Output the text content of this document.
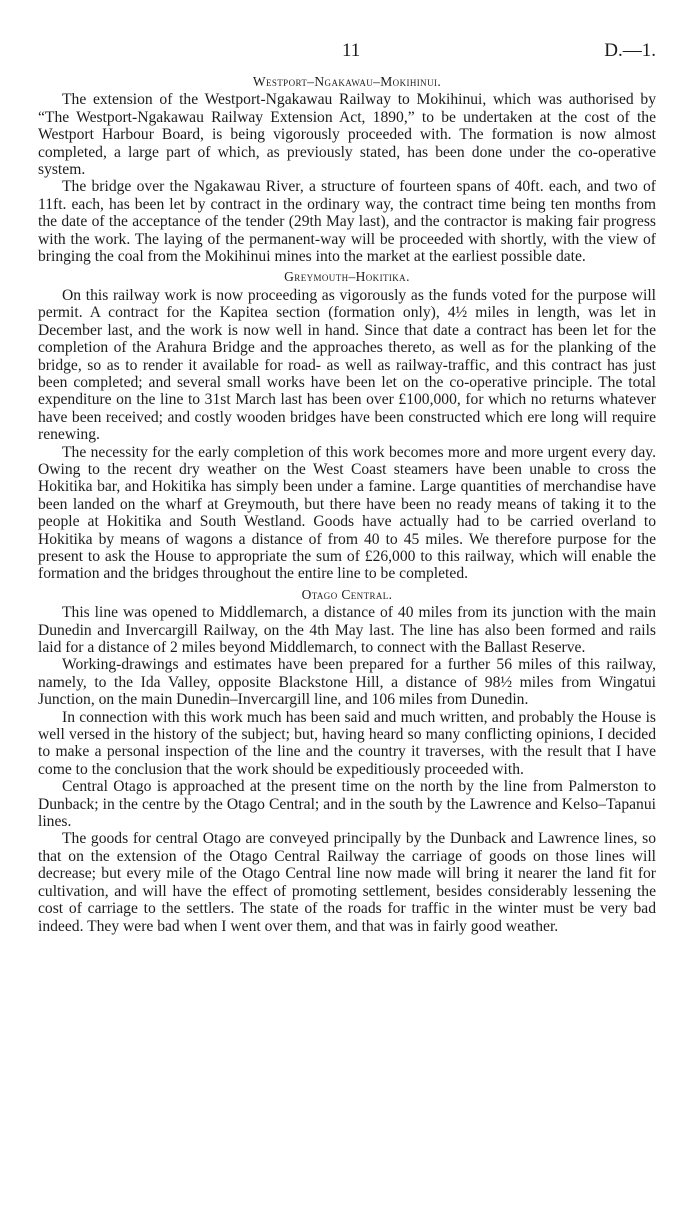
11	D.—1.
Westport–Ngakawau–Mokihinui.

The extension of the Westport-Ngakawau Railway to Mokihinui, which was authorised by “The Westport-Ngakawau Railway Extension Act, 1890,” to be undertaken at the cost of the Westport Harbour Board, is being vigorously proceeded with. The formation is now almost completed, a large part of which, as previously stated, has been done under the co-operative system.

The bridge over the Ngakawau River, a structure of fourteen spans of 40ft. each, and two of 11ft. each, has been let by contract in the ordinary way, the contract time being ten months from the date of the acceptance of the tender (29th May last), and the contractor is making fair progress with the work. The laying of the permanent-way will be proceeded with shortly, with the view of bringing the coal from the Mokihinui mines into the market at the earliest possible date.

Greymouth–Hokitika.

On this railway work is now proceeding as vigorously as the funds voted for the purpose will permit. A contract for the Kapitea section (formation only), 4½ miles in length, was let in December last, and the work is now well in hand. Since that date a contract has been let for the completion of the Arahura Bridge and the approaches thereto, as well as for the planking of the bridge, so as to render it available for road- as well as railway-traffic, and this contract has just been completed; and several small works have been let on the co-operative principle. The total expenditure on the line to 31st March last has been over £100,000, for which no returns whatever have been received; and costly wooden bridges have been constructed which ere long will require renewing.

The necessity for the early completion of this work becomes more and more urgent every day. Owing to the recent dry weather on the West Coast steamers have been unable to cross the Hokitika bar, and Hokitika has simply been under a famine. Large quantities of merchandise have been landed on the wharf at Greymouth, but there have been no ready means of taking it to the people at Hokitika and South Westland. Goods have actually had to be carried overland to Hokitika by means of wagons a distance of from 40 to 45 miles. We therefore purpose for the present to ask the House to appropriate the sum of £26,000 to this railway, which will enable the formation and the bridges throughout the entire line to be completed.

Otago Central.

This line was opened to Middlemarch, a distance of 40 miles from its junction with the main Dunedin and Invercargill Railway, on the 4th May last. The line has also been formed and rails laid for a distance of 2 miles beyond Middlemarch, to connect with the Ballast Reserve.

Working-drawings and estimates have been prepared for a further 56 miles of this railway, namely, to the Ida Valley, opposite Blackstone Hill, a distance of 98½ miles from Wingatui Junction, on the main Dunedin–Invercargill line, and 106 miles from Dunedin.

In connection with this work much has been said and much written, and probably the House is well versed in the history of the subject; but, having heard so many conflicting opinions, I decided to make a personal inspection of the line and the country it traverses, with the result that I have come to the conclusion that the work should be expeditiously proceeded with.

Central Otago is approached at the present time on the north by the line from Palmerston to Dunback; in the centre by the Otago Central; and in the south by the Lawrence and Kelso–Tapanui lines.

The goods for central Otago are conveyed principally by the Dunback and Lawrence lines, so that on the extension of the Otago Central Railway the carriage of goods on those lines will decrease; but every mile of the Otago Central line now made will bring it nearer the land fit for cultivation, and will have the effect of promoting settlement, besides considerably lessening the cost of carriage to the settlers. The state of the roads for traffic in the winter must be very bad indeed. They were bad when I went over them, and that was in fairly good weather.
